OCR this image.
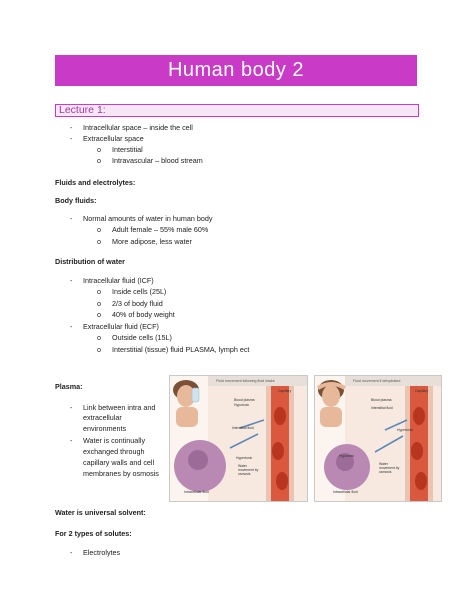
Human body 2
Lecture 1:
- Intracellular space – inside the cell
- Extracellular space
o Interstitial
o Intravascular – blood stream
Fluids and electrolytes:
Body fluids:
- Normal amounts of water in human body
o Adult female – 55% male 60%
o More adipose, less water
Distribution of water
- Intracellular fluid (ICF)
o Inside cells (25L)
o 2/3 of body fluid
o 40% of body weight
- Extracellular fluid (ECF)
o Outside cells (15L)
o Interstitial (tissue) fluid PLASMA, lymph ect
Plasma:
- Link between intra and
extracellular
environments
- Water is continually
exchanged through
capillary walls and cell
membranes by osmosis
Water is universal solvent:
For 2 types of solutes:
- Electrolytes
Fluid movement following fluid intake
Capillary
Blood plasma
Hypotonic
Interstitial fluid
Hypertonic
Water movement by osmosis
Intracellular fluid
Fluid movement if dehydrated
Capillary
Blood plasma
Interstitial fluid
Hypertonic
Hypotonic
Water movement by osmosis
Intracellular fluid
